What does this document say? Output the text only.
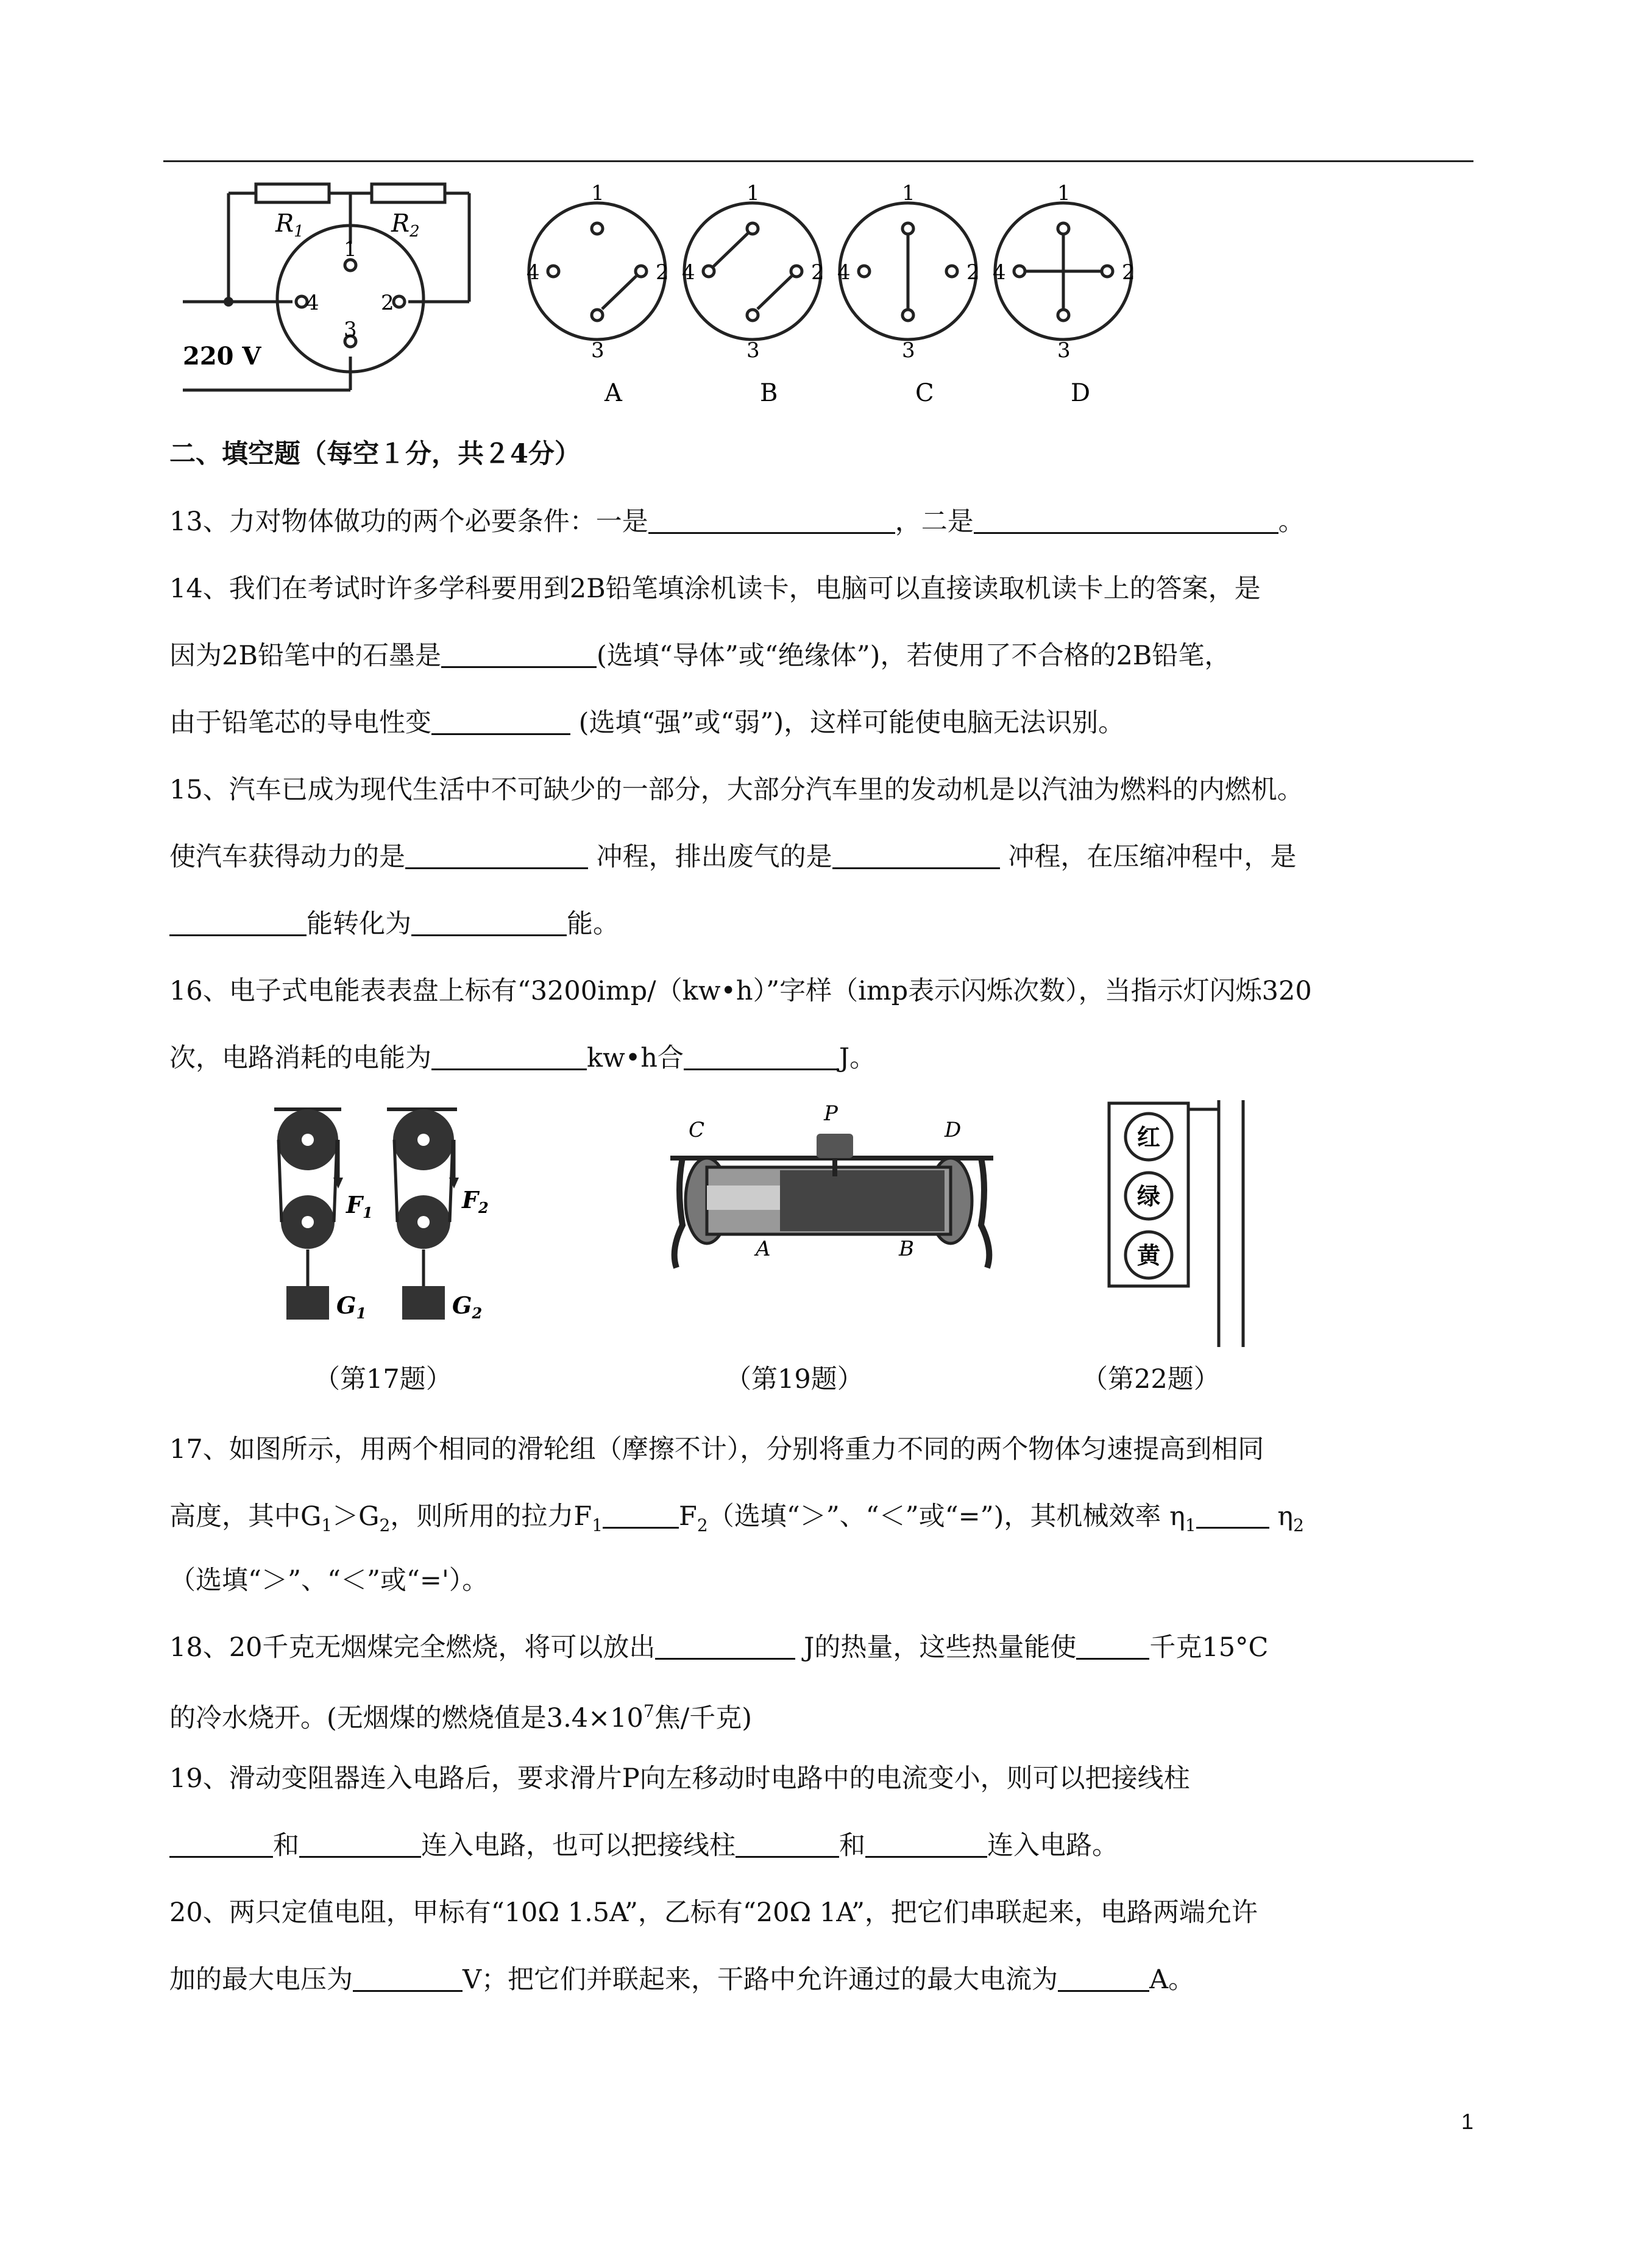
$R_1$	$R_2$
220 V
1
2
3
4
1
2
3
4
1
2
3
4
1
2
3
4
1
2
3
4
A	B	C	D
二、填空题（每空１分，共２4分）
13、力对物体做功的两个必要条件：一是	，二是	。
14、我们在考试时许多学科要用到2B铅笔填涂机读卡，电脑可以直接读取机读卡上的答案，是
因为2B铅笔中的石墨是	(选填“导体”或“绝缘体”)，若使用了不合格的2B铅笔，
由于铅笔芯的导电性变	(选填“强”或“弱”)，这样可能使电脑无法识别。
15、汽车已成为现代生活中不可缺少的一部分，大部分汽车里的发动机是以汽油为燃料的内燃机。
使汽车获得动力的是	冲程，排出废气的是	冲程，在压缩冲程中，是
能转化为	能。
16、电子式电能表表盘上标有“3200imp/（kw•h）”字样（imp表示闪烁次数），当指示灯闪烁320
次，电路消耗的电能为	kw•h合	J。
$F_1$	$F_2$
$G_1$	$G_2$
C
P
D
A	B
红
绿
黄
（第17题）	（第19题）	（第22题）
17、如图所示，用两个相同的滑轮组（摩擦不计），分别将重力不同的两个物体匀速提高到相同
高度，其中$G_1>G_2$，则所用的拉力$F_1$	$F_2$（选填“＞”、“＜”或“=”)，其机械效率 $\eta_1$	$\eta_2$
（选填“＞”、“＜”或“='）。
18、20千克无烟煤完全燃烧，将可以放出	J的热量，这些热量能使	千克15°C
的冷水烧开。(无烟煤的燃烧值是$3.4\times 10^7$焦/千克)
19、滑动变阻器连入电路后，要求滑片P向左移动时电路中的电流变小，则可以把接线柱
和	连入电路，也可以把接线柱	和	连入电路。
20、两只定值电阻，甲标有“10Ω 1.5A”，乙标有“20Ω 1A”，把它们串联起来，电路两端允许
加的最大电压为	V；把它们并联起来，干路中允许通过的最大电流为	A。
1
